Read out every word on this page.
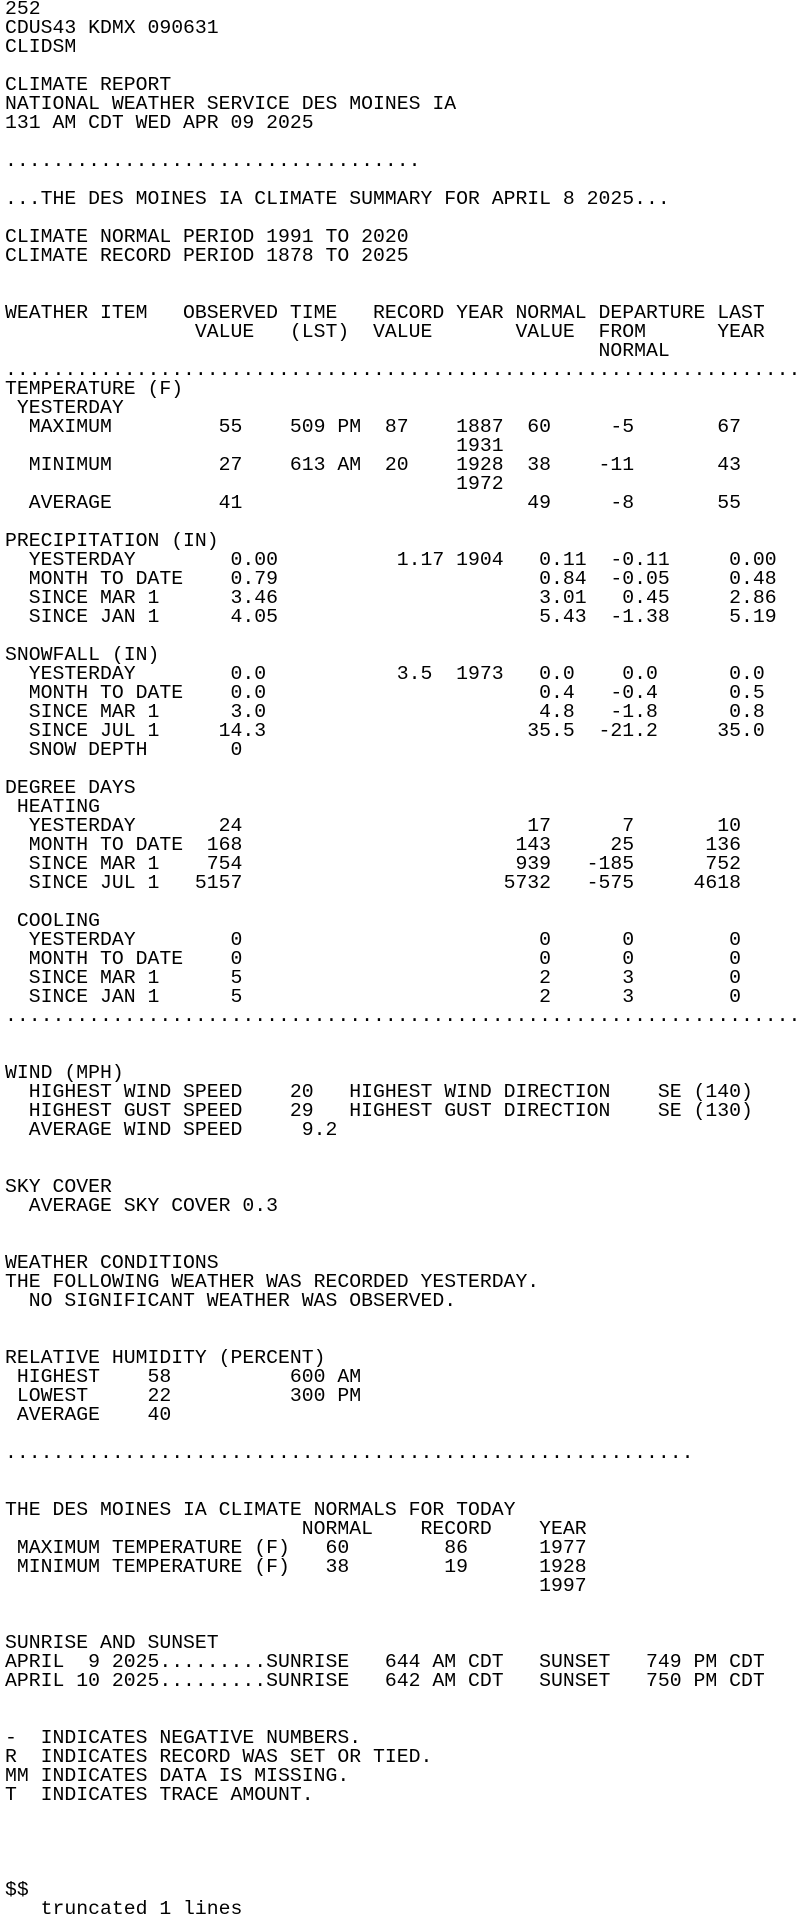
252
CDUS43 KDMX 090631
CLIDSM
CLIMATE REPORT
NATIONAL WEATHER SERVICE DES MOINES IA
131 AM CDT WED APR 09 2025
...................................
...THE DES MOINES IA CLIMATE SUMMARY FOR APRIL 8 2025...
CLIMATE NORMAL PERIOD 1991 TO 2020
CLIMATE RECORD PERIOD 1878 TO 2025
WEATHER ITEM   OBSERVED TIME   RECORD YEAR NORMAL DEPARTURE LAST
VALUE   (LST)  VALUE       VALUE  FROM      YEAR
NORMAL
...................................................................
TEMPERATURE (F)
YESTERDAY
MAXIMUM         55    509 PM  87    1887  60     -5       67
1931
MINIMUM         27    613 AM  20    1928  38    -11       43
1972
AVERAGE         41                        49     -8       55
PRECIPITATION (IN)
YESTERDAY        0.00          1.17 1904   0.11  -0.11     0.00
MONTH TO DATE    0.79                      0.84  -0.05     0.48
SINCE MAR 1      3.46                      3.01   0.45     2.86
SINCE JAN 1      4.05                      5.43  -1.38     5.19
SNOWFALL (IN)
YESTERDAY        0.0           3.5  1973   0.0    0.0      0.0
MONTH TO DATE    0.0                       0.4   -0.4      0.5
SINCE MAR 1      3.0                       4.8   -1.8      0.8
SINCE JUL 1     14.3                      35.5  -21.2     35.0
SNOW DEPTH       0
DEGREE DAYS
HEATING
YESTERDAY       24                        17      7       10
MONTH TO DATE  168                       143     25      136
SINCE MAR 1    754                       939   -185      752
SINCE JUL 1   5157                      5732   -575     4618
COOLING
YESTERDAY        0                         0      0        0
MONTH TO DATE    0                         0      0        0
SINCE MAR 1      5                         2      3        0
SINCE JAN 1      5                         2      3        0
...................................................................
WIND (MPH)
HIGHEST WIND SPEED    20   HIGHEST WIND DIRECTION    SE (140)
HIGHEST GUST SPEED    29   HIGHEST GUST DIRECTION    SE (130)
AVERAGE WIND SPEED     9.2
SKY COVER
AVERAGE SKY COVER 0.3
WEATHER CONDITIONS
THE FOLLOWING WEATHER WAS RECORDED YESTERDAY.
NO SIGNIFICANT WEATHER WAS OBSERVED.
RELATIVE HUMIDITY (PERCENT)
HIGHEST    58          600 AM
LOWEST     22          300 PM
AVERAGE    40
..........................................................
THE DES MOINES IA CLIMATE NORMALS FOR TODAY
NORMAL    RECORD    YEAR
MAXIMUM TEMPERATURE (F)   60        86      1977
MINIMUM TEMPERATURE (F)   38        19      1928
1997
SUNRISE AND SUNSET
APRIL  9 2025.........SUNRISE   644 AM CDT   SUNSET   749 PM CDT
APRIL 10 2025.........SUNRISE   642 AM CDT   SUNSET   750 PM CDT
-  INDICATES NEGATIVE NUMBERS.
R  INDICATES RECORD WAS SET OR TIED.
MM INDICATES DATA IS MISSING.
T  INDICATES TRACE AMOUNT.
$$
truncated 1 lines
